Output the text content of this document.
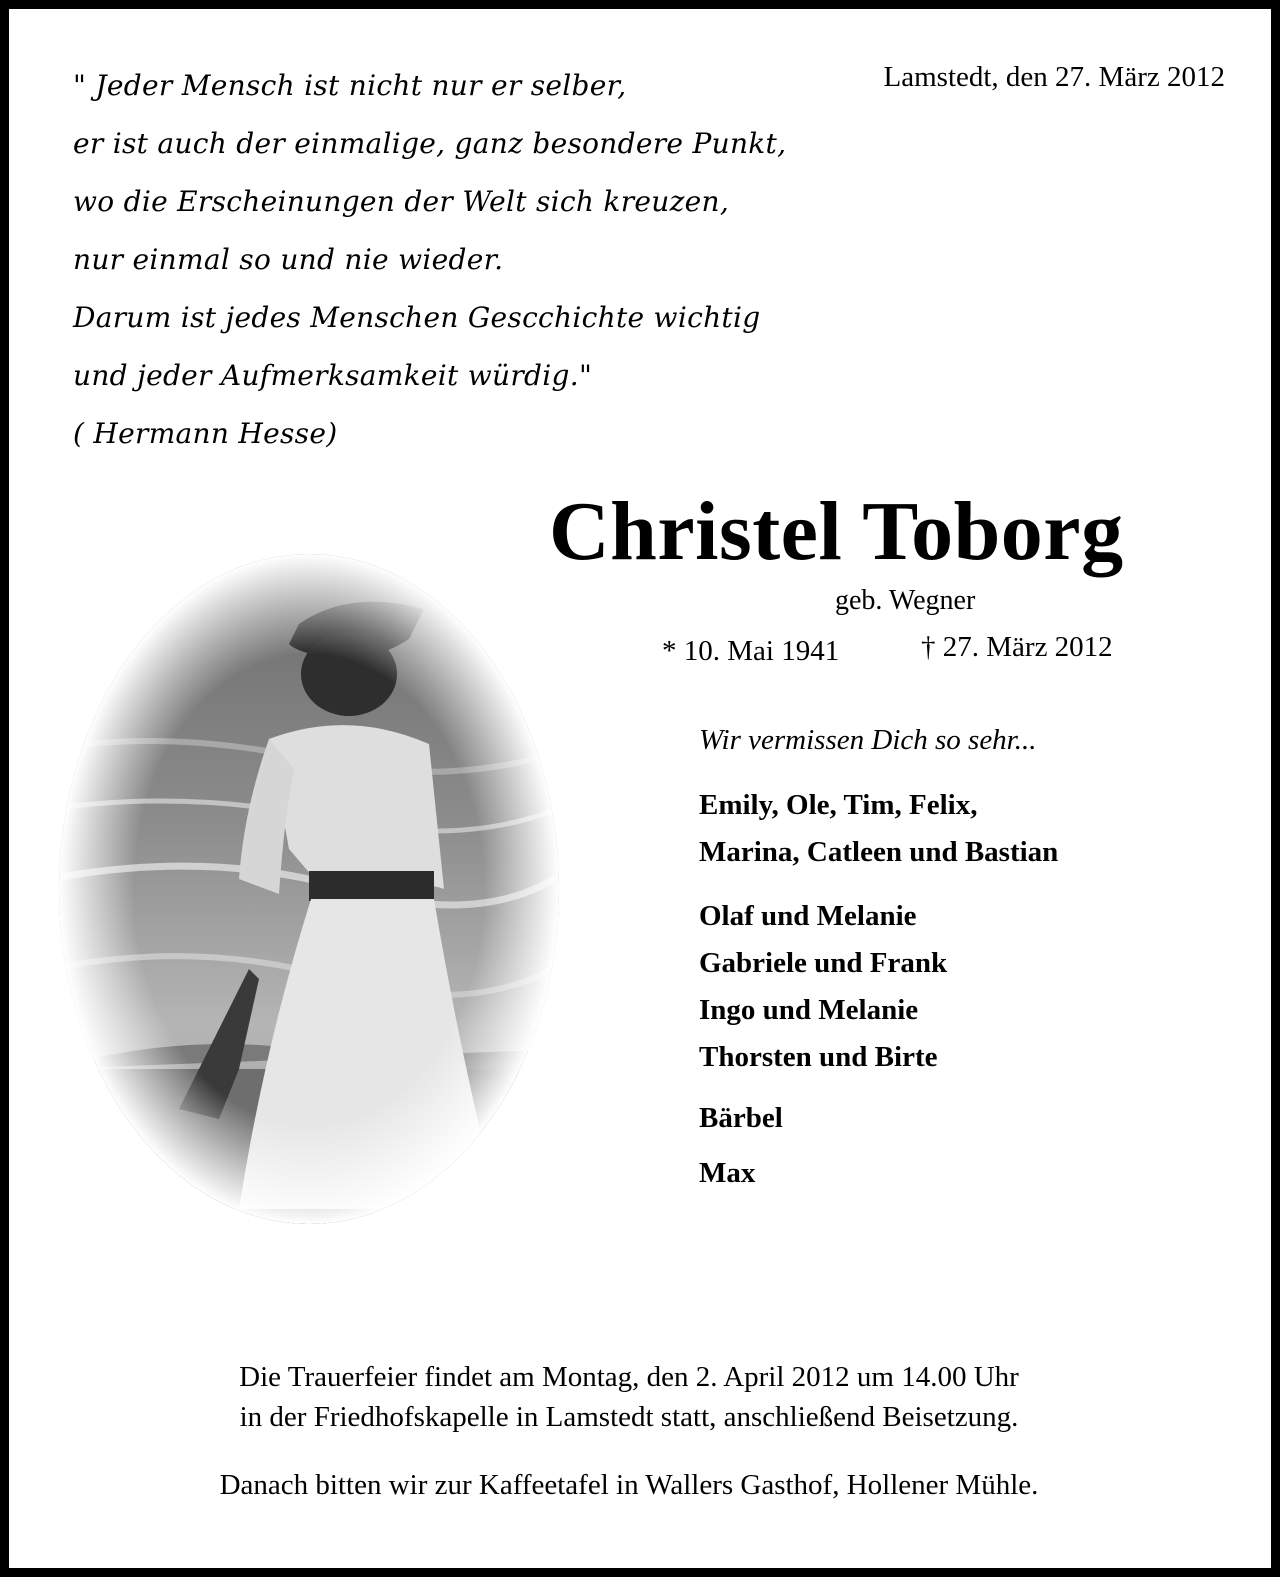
" Jeder Mensch ist nicht nur er selber,
er ist auch der einmalige, ganz besondere Punkt,
wo die Erscheinungen der Welt sich kreuzen,
nur einmal so und nie wieder.
Darum ist jedes Menschen Gescchichte wichtig
und jeder Aufmerksamkeit würdig."
( Hermann Hesse)
Lamstedt, den 27. März 2012
Christel Toborg
geb. Wegner
* 10. Mai 1941	† 27. März 2012
Wir vermissen Dich so sehr...
Emily, Ole, Tim, Felix,
Marina, Catleen und Bastian
Olaf und Melanie
Gabriele und Frank
Ingo und Melanie
Thorsten und Birte
Bärbel
Max
Die Trauerfeier findet am Montag, den 2. April 2012 um 14.00 Uhr
in der Friedhofskapelle in Lamstedt statt, anschließend Beisetzung.
Danach bitten wir zur Kaffeetafel in Wallers Gasthof, Hollener Mühle.
